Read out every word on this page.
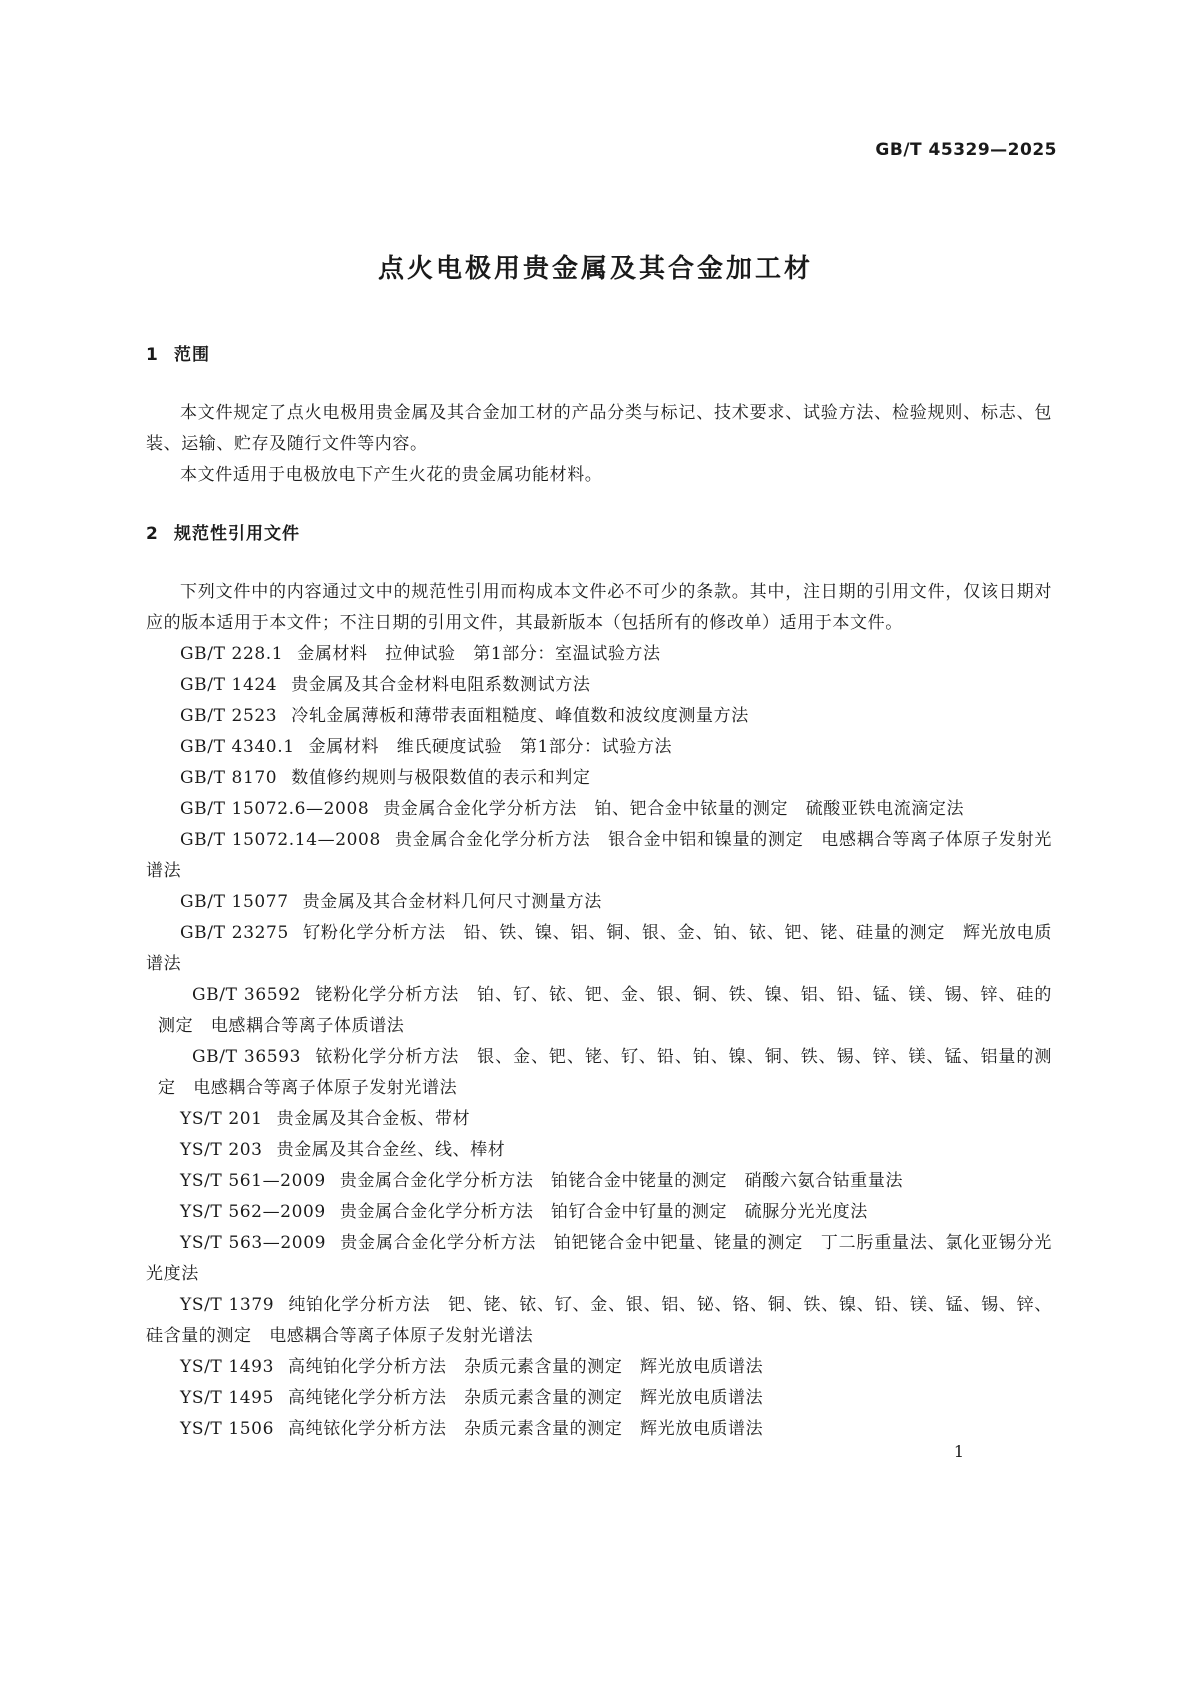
GB/T 45329—2025
点火电极用贵金属及其合金加工材
1 范围

本文件规定了点火电极用贵金属及其合金加工材的产品分类与标记、技术要求、试验方法、检验规则、标志、包装、运输、贮存及随行文件等内容。

本文件适用于电极放电下产生火花的贵金属功能材料。

2 规范性引用文件

下列文件中的内容通过文中的规范性引用而构成本文件必不可少的条款。其中，注日期的引用文件，仅该日期对应的版本适用于本文件；不注日期的引用文件，其最新版本（包括所有的修改单）适用于本文件。

GB/T 228.1 金属材料　拉伸试验　第1部分：室温试验方法
GB/T 1424 贵金属及其合金材料电阻系数测试方法
GB/T 2523 冷轧金属薄板和薄带表面粗糙度、峰值数和波纹度测量方法
GB/T 4340.1 金属材料　维氏硬度试验　第1部分：试验方法
GB/T 8170 数值修约规则与极限数值的表示和判定
GB/T 15072.6—2008 贵金属合金化学分析方法　铂、钯合金中铱量的测定　硫酸亚铁电流滴定法
GB/T 15072.14—2008 贵金属合金化学分析方法　银合金中铝和镍量的测定　电感耦合等离子体原子发射光谱法
GB/T 15077 贵金属及其合金材料几何尺寸测量方法
GB/T 23275 钌粉化学分析方法　铅、铁、镍、铝、铜、银、金、铂、铱、钯、铑、硅量的测定　辉光放电质谱法
GB/T 36592 铑粉化学分析方法　铂、钌、铱、钯、金、银、铜、铁、镍、铝、铅、锰、镁、锡、锌、硅的测定　电感耦合等离子体质谱法
GB/T 36593 铱粉化学分析方法　银、金、钯、铑、钌、铅、铂、镍、铜、铁、锡、锌、镁、锰、铝量的测定　电感耦合等离子体原子发射光谱法
YS/T 201 贵金属及其合金板、带材
YS/T 203 贵金属及其合金丝、线、棒材
YS/T 561—2009 贵金属合金化学分析方法　铂铑合金中铑量的测定　硝酸六氨合钴重量法
YS/T 562—2009 贵金属合金化学分析方法　铂钌合金中钌量的测定　硫脲分光光度法
YS/T 563—2009 贵金属合金化学分析方法　铂钯铑合金中钯量、铑量的测定　丁二肟重量法、氯化亚锡分光光度法
YS/T 1379 纯铂化学分析方法　钯、铑、铱、钌、金、银、铝、铋、铬、铜、铁、镍、铅、镁、锰、锡、锌、硅含量的测定　电感耦合等离子体原子发射光谱法
YS/T 1493 高纯铂化学分析方法　杂质元素含量的测定　辉光放电质谱法
YS/T 1495 高纯铑化学分析方法　杂质元素含量的测定　辉光放电质谱法
YS/T 1506 高纯铱化学分析方法　杂质元素含量的测定　辉光放电质谱法
1
